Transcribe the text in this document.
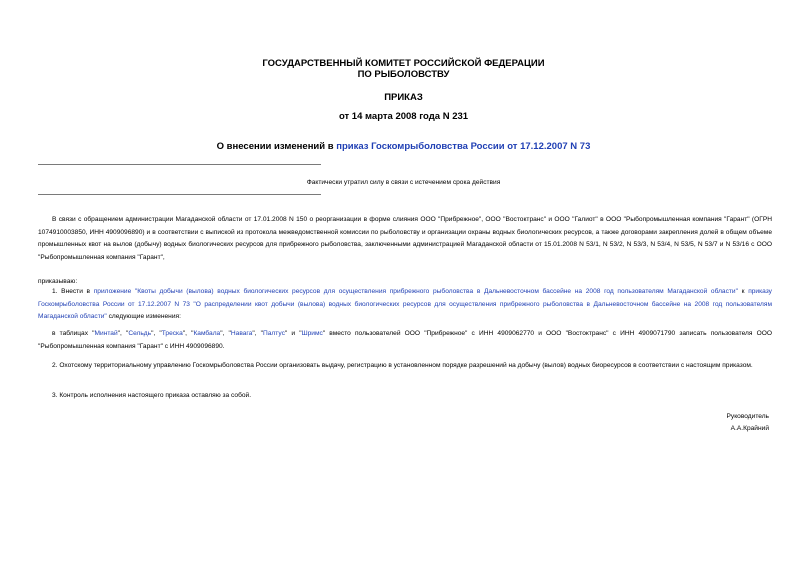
ГОСУДАРСТВЕННЫЙ КОМИТЕТ РОССИЙСКОЙ ФЕДЕРАЦИИ
ПО РЫБОЛОВСТВУ
ПРИКАЗ
от 14 марта 2008 года N 231
О внесении изменений в приказ Госкомрыболовства России от 17.12.2007 N 73
Фактически утратил силу в связи с истечением срока действия
В связи с обращением администрации Магаданской области от 17.01.2008 N 150 о реорганизации в форме слияния ООО "Прибрежное", ООО "Востоктранс" и ООО "Галиот" в ООО "Рыбопромышленная компания "Гарант" (ОГРН 1074910003850, ИНН 4909096890) и в соответствии с выпиской из протокола межведомственной комиссии по рыболовству и организации охраны водных биологических ресурсов, а также договорами закрепления долей в общем объеме промышленных квот на вылов (добычу) водных биологических ресурсов для прибрежного рыболовства, заключенными администрацией Магаданской области от 15.01.2008 N 53/1, N 53/2, N 53/3, N 53/4, N 53/5, N 53/7 и N 53/16 с ООО "Рыбопромышленная компания "Гарант",
приказываю:
1. Внести в приложение "Квоты добычи (вылова) водных биологических ресурсов для осуществления прибрежного рыболовства в Дальневосточном бассейне на 2008 год пользователям Магаданской области" к приказу Госкомрыболовства России от 17.12.2007 N 73 "О распределении квот добычи (вылова) водных биологических ресурсов для осуществления прибрежного рыболовства в Дальневосточном бассейне на 2008 год пользователям Магаданской области" следующие изменения:
в таблицах "Минтай", "Сельдь", "Треска", "Камбала", "Навага", "Палтус" и "Шримс" вместо пользователей ООО "Прибрежное" с ИНН 4909062770 и ООО "Востоктранс" с ИНН 4909071790 записать пользователя ООО "Рыбопромышленная компания "Гарант" с ИНН 4909096890.
2. Охотскому территориальному управлению Госкомрыболовства России организовать выдачу, регистрацию в установленном порядке разрешений на добычу (вылов) водных биоресурсов в соответствии с настоящим приказом.
3. Контроль исполнения настоящего приказа оставляю за собой.
Руководитель
А.А.Крайний
